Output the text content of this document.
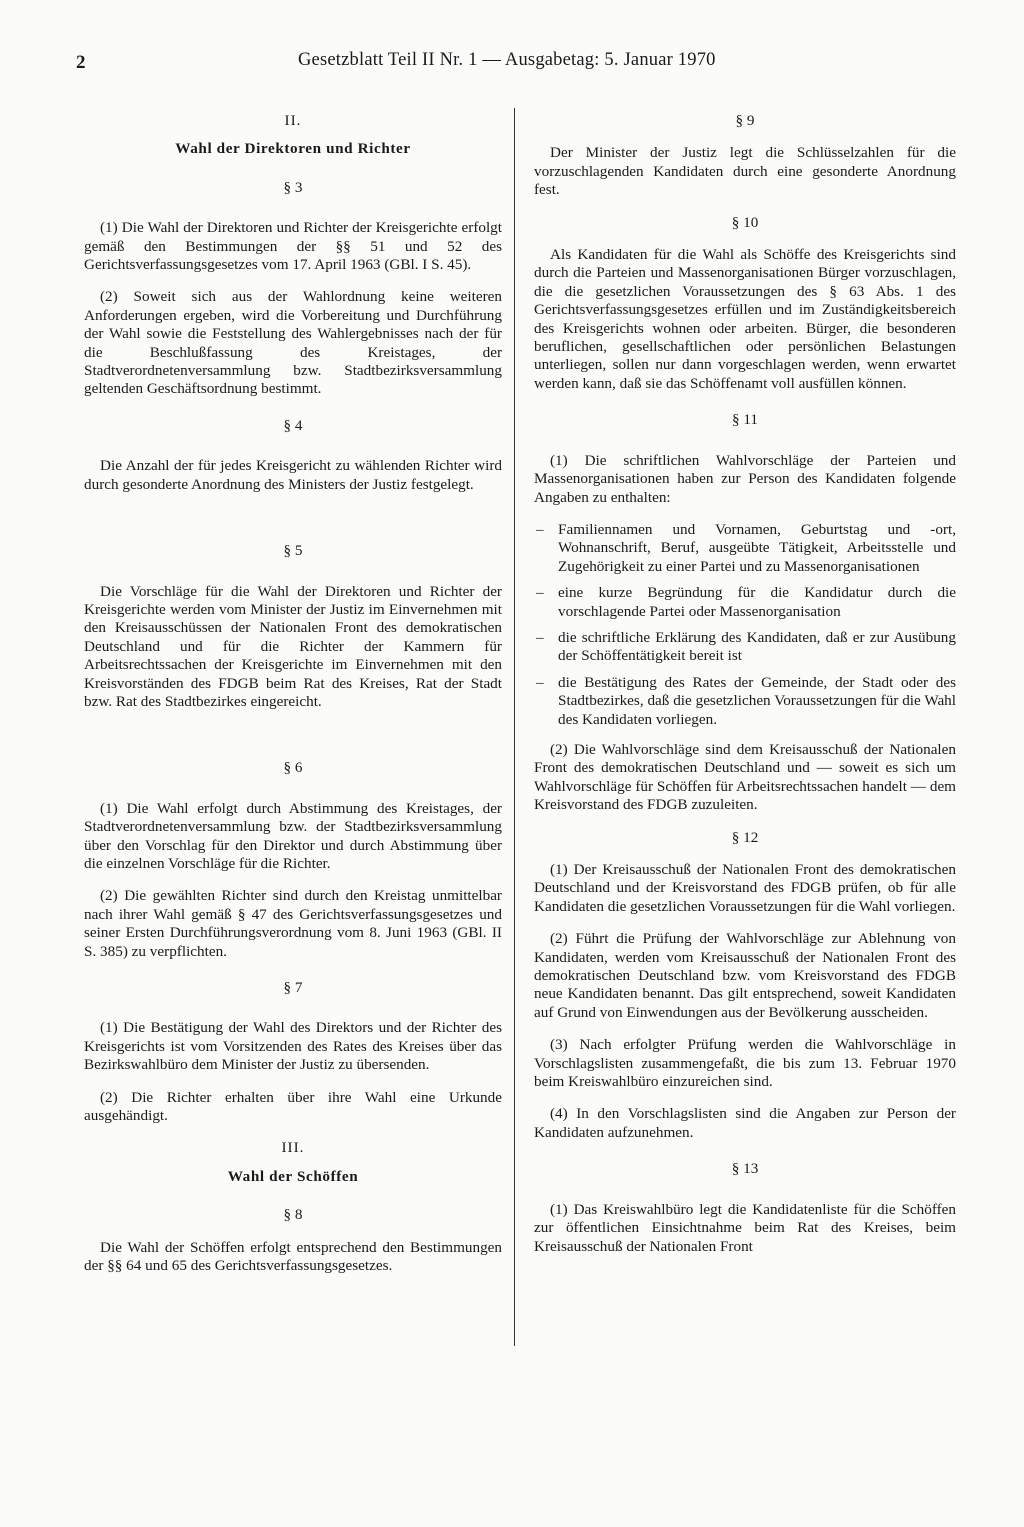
2	Gesetzblatt Teil II Nr. 1 — Ausgabetag: 5. Januar 1970
II.
Wahl der Direktoren und Richter
§ 3

(1) Die Wahl der Direktoren und Richter der Kreisgerichte erfolgt gemäß den Bestimmungen der §§ 51 und 52 des Gerichtsverfassungsgesetzes vom 17. April 1963 (GBl. I S. 45).

(2) Soweit sich aus der Wahlordnung keine weiteren Anforderungen ergeben, wird die Vorbereitung und Durchführung der Wahl sowie die Feststellung des Wahlergebnisses nach der für die Beschlußfassung des Kreistages, der Stadtverordnetenversammlung bzw. Stadtbezirksversammlung geltenden Geschäftsordnung bestimmt.

§ 4

Die Anzahl der für jedes Kreisgericht zu wählenden Richter wird durch gesonderte Anordnung des Ministers der Justiz festgelegt.

§ 5

Die Vorschläge für die Wahl der Direktoren und Richter der Kreisgerichte werden vom Minister der Justiz im Einvernehmen mit den Kreisausschüssen der Nationalen Front des demokratischen Deutschland und für die Richter der Kammern für Arbeitsrechtssachen der Kreisgerichte im Einvernehmen mit den Kreisvorständen des FDGB beim Rat des Kreises, Rat der Stadt bzw. Rat des Stadtbezirkes eingereicht.

§ 6

(1) Die Wahl erfolgt durch Abstimmung des Kreistages, der Stadtverordnetenversammlung bzw. der Stadtbezirksversammlung über den Vorschlag für den Direktor und durch Abstimmung über die einzelnen Vorschläge für die Richter.

(2) Die gewählten Richter sind durch den Kreistag unmittelbar nach ihrer Wahl gemäß § 47 des Gerichtsverfassungsgesetzes und seiner Ersten Durchführungsverordnung vom 8. Juni 1963 (GBl. II S. 385) zu verpflichten.

§ 7

(1) Die Bestätigung der Wahl des Direktors und der Richter des Kreisgerichts ist vom Vorsitzenden des Rates des Kreises über das Bezirkswahlbüro dem Minister der Justiz zu übersenden.

(2) Die Richter erhalten über ihre Wahl eine Urkunde ausgehändigt.

III.
Wahl der Schöffen
§ 8

Die Wahl der Schöffen erfolgt entsprechend den Bestimmungen der §§ 64 und 65 des Gerichtsverfassungsgesetzes.

§ 9

Der Minister der Justiz legt die Schlüsselzahlen für die vorzuschlagenden Kandidaten durch eine gesonderte Anordnung fest.

§ 10

Als Kandidaten für die Wahl als Schöffe des Kreisgerichts sind durch die Parteien und Massenorganisationen Bürger vorzuschlagen, die die gesetzlichen Voraussetzungen des § 63 Abs. 1 des Gerichtsverfassungsgesetzes erfüllen und im Zuständigkeitsbereich des Kreisgerichts wohnen oder arbeiten. Bürger, die besonderen beruflichen, gesellschaftlichen oder persönlichen Belastungen unterliegen, sollen nur dann vorgeschlagen werden, wenn erwartet werden kann, daß sie das Schöffenamt voll ausfüllen können.

§ 11

(1) Die schriftlichen Wahlvorschläge der Parteien und Massenorganisationen haben zur Person des Kandidaten folgende Angaben zu enthalten:

– Familiennamen und Vornamen, Geburtstag und -ort, Wohnanschrift, Beruf, ausgeübte Tätigkeit, Arbeitsstelle und Zugehörigkeit zu einer Partei und zu Massenorganisationen
– eine kurze Begründung für die Kandidatur durch die vorschlagende Partei oder Massenorganisation
– die schriftliche Erklärung des Kandidaten, daß er zur Ausübung der Schöffentätigkeit bereit ist
– die Bestätigung des Rates der Gemeinde, der Stadt oder des Stadtbezirkes, daß die gesetzlichen Voraussetzungen für die Wahl des Kandidaten vorliegen.

(2) Die Wahlvorschläge sind dem Kreisausschuß der Nationalen Front des demokratischen Deutschland und — soweit es sich um Wahlvorschläge für Schöffen für Arbeitsrechtssachen handelt — dem Kreisvorstand des FDGB zuzuleiten.

§ 12

(1) Der Kreisausschuß der Nationalen Front des demokratischen Deutschland und der Kreisvorstand des FDGB prüfen, ob für alle Kandidaten die gesetzlichen Voraussetzungen für die Wahl vorliegen.

(2) Führt die Prüfung der Wahlvorschläge zur Ablehnung von Kandidaten, werden vom Kreisausschuß der Nationalen Front des demokratischen Deutschland bzw. vom Kreisvorstand des FDGB neue Kandidaten benannt. Das gilt entsprechend, soweit Kandidaten auf Grund von Einwendungen aus der Bevölkerung ausscheiden.

(3) Nach erfolgter Prüfung werden die Wahlvorschläge in Vorschlagslisten zusammengefaßt, die bis zum 13. Februar 1970 beim Kreiswahlbüro einzureichen sind.

(4) In den Vorschlagslisten sind die Angaben zur Person der Kandidaten aufzunehmen.

§ 13

(1) Das Kreiswahlbüro legt die Kandidatenliste für die Schöffen zur öffentlichen Einsichtnahme beim Rat des Kreises, beim Kreisausschuß der Nationalen Front
